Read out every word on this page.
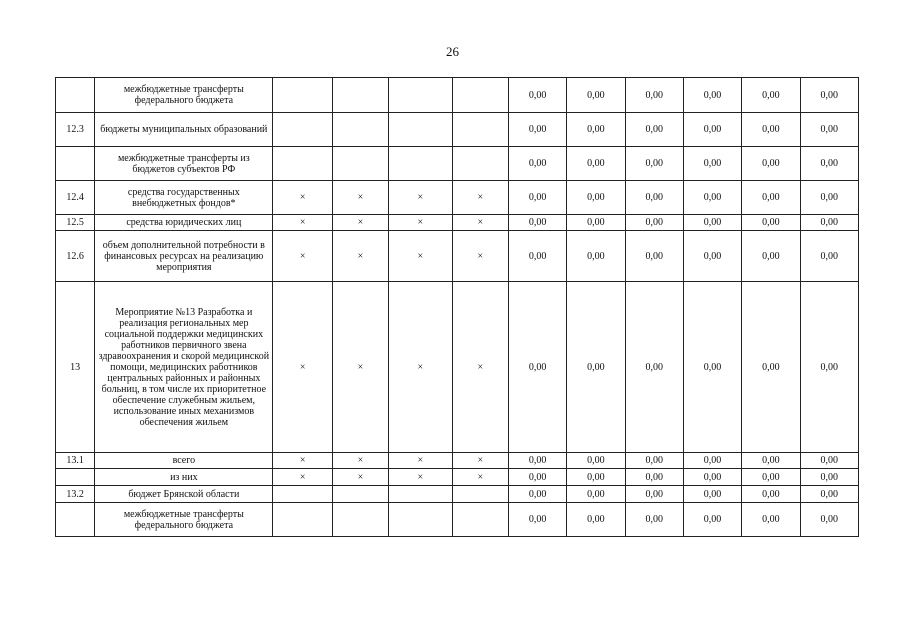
26
	межбюджетные трансферты федерального бюджета					0,00	0,00	0,00	0,00	0,00	0,00
12.3	бюджеты муниципальных образований					0,00	0,00	0,00	0,00	0,00	0,00
	межбюджетные трансферты из бюджетов субъектов РФ					0,00	0,00	0,00	0,00	0,00	0,00
12.4	средства государственных внебюджетных фондов*	×	×	×	×	0,00	0,00	0,00	0,00	0,00	0,00
12.5	средства юридических лиц	×	×	×	×	0,00	0,00	0,00	0,00	0,00	0,00
12.6	объем дополнительной потребности в финансовых ресурсах на реализацию мероприятия	×	×	×	×	0,00	0,00	0,00	0,00	0,00	0,00
13	Мероприятие №13 Разработка и реализация региональных мер социальной поддержки медицинских работников первичного звена здравоохранения и скорой медицинской помощи, медицинских работников центральных районных и районных больниц, в том числе их приоритетное обеспечение служебным жильем, использование иных механизмов обеспечения жильем	×	×	×	×	0,00	0,00	0,00	0,00	0,00	0,00
13.1	всего	×	×	×	×	0,00	0,00	0,00	0,00	0,00	0,00
	из них	×	×	×	×	0,00	0,00	0,00	0,00	0,00	0,00
13.2	бюджет Брянской области					0,00	0,00	0,00	0,00	0,00	0,00
	межбюджетные трансферты федерального бюджета					0,00	0,00	0,00	0,00	0,00	0,00
